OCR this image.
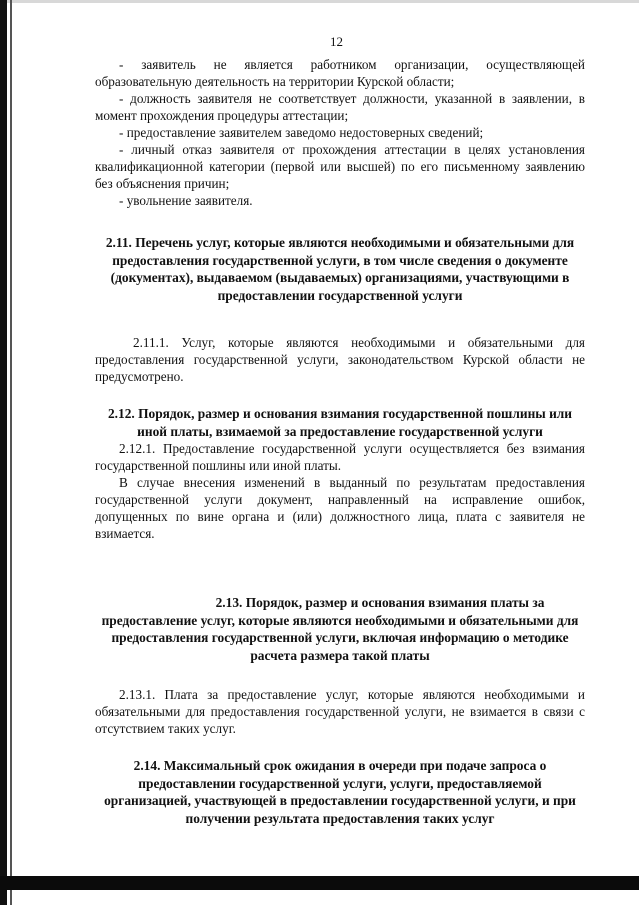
12

- заявитель не является работником организации, осуществляющей образовательную деятельность на территории Курской области;

- должность заявителя не соответствует должности, указанной в заявлении, в момент прохождения процедуры аттестации;

- предоставление заявителем заведомо недостоверных сведений;

- личный отказ заявителя от прохождения аттестации в целях установления квалификационной категории (первой или высшей) по его письменному заявлению без объяснения причин;

- увольнение заявителя.

2.11. Перечень услуг, которые являются необходимыми и обязательными для предоставления государственной услуги, в том числе сведения о документе (документах), выдаваемом (выдаваемых) организациями, участвующими в предоставлении государственной услуги

2.11.1. Услуг, которые являются необходимыми и обязательными для предоставления государственной услуги, законодательством Курской области не предусмотрено.

2.12. Порядок, размер и основания взимания государственной пошлины или иной платы, взимаемой за предоставление государственной услуги

2.12.1. Предоставление государственной услуги осуществляется без взимания государственной пошлины или иной платы.

В случае внесения изменений в выданный по результатам предоставления государственной услуги документ, направленный на исправление ошибок, допущенных по вине органа и (или) должностного лица, плата с заявителя не взимается.

2.13. Порядок, размер и основания взимания платы за предоставление услуг, которые являются необходимыми и обязательными для предоставления государственной услуги, включая информацию о методике расчета размера такой платы

2.13.1. Плата за предоставление услуг, которые являются необходимыми и обязательными для предоставления государственной услуги, не взимается в связи с отсутствием таких услуг.

2.14. Максимальный срок ожидания в очереди при подаче запроса о предоставлении государственной услуги, услуги, предоставляемой организацией, участвующей в предоставлении государственной услуги, и при получении результата предоставления таких услуг
